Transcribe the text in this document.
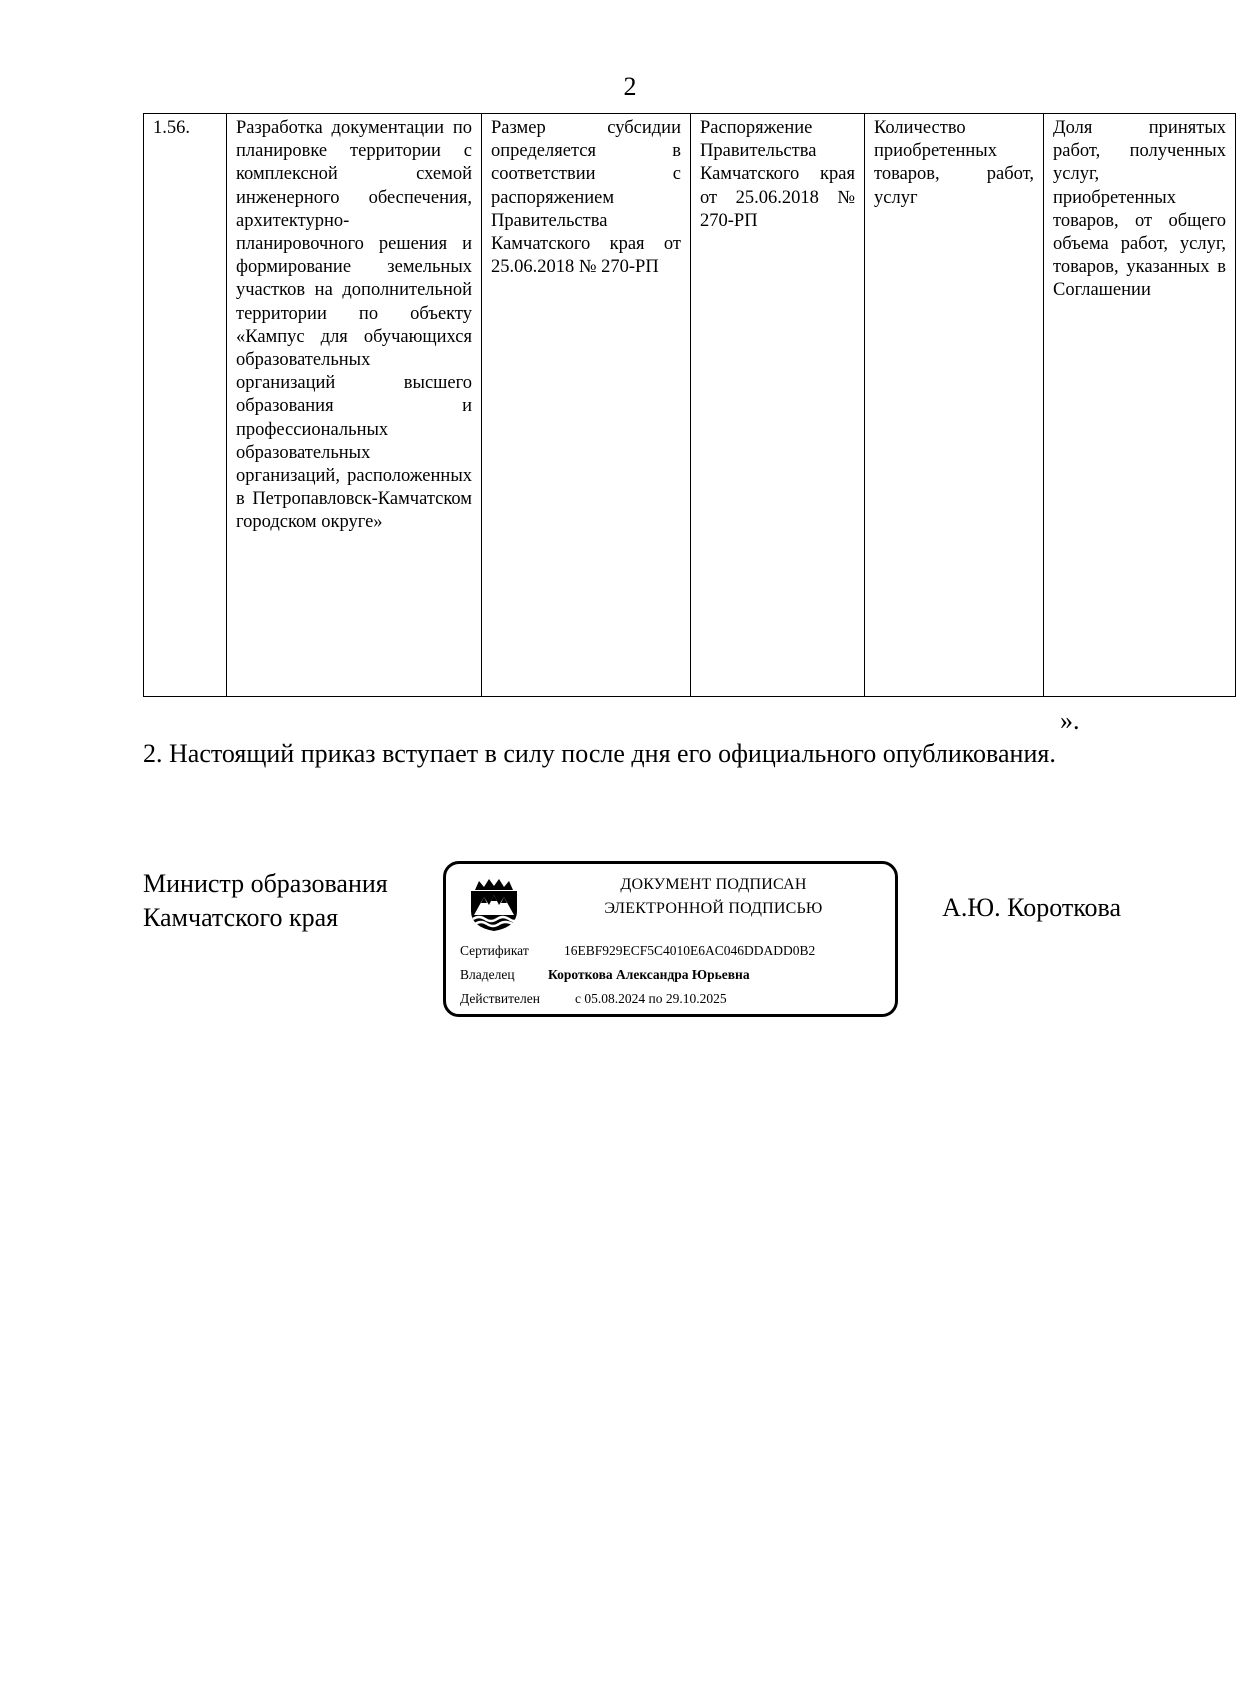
2
1.56.	Разработка документации по планировке территории с комплексной схемой инженерного обеспечения, архитектурно-планировочного решения и формирование земельных участков на дополнительной территории по объекту «Кампус для обучающихся образовательных организаций высшего образования и профессиональных образовательных организаций, расположенных в Петропавловск-Камчатском городском округе»	Размер субсидии определяется в соответствии с распоряжением Правительства Камчатского края от 25.06.2018 № 270-РП	Распоряжение Правительства Камчатского края от 25.06.2018 № 270-РП	Количество приобретенных товаров, работ, услуг	Доля принятых работ, полученных услуг, приобретенных товаров, от общего объема работ, услуг, товаров, указанных в Соглашении
».
2. Настоящий приказ вступает в силу после дня его официального опубликования.
Министр образования
Камчатского края
ДОКУМЕНТ ПОДПИСАН
ЭЛЕКТРОННОЙ ПОДПИСЬЮ
Сертификат	16EBF929ECF5C4010E6AC046DDADD0B2
Владелец Короткова Александра Юрьевна
Действителен	с 05.08.2024 по 29.10.2025
А.Ю. Короткова
